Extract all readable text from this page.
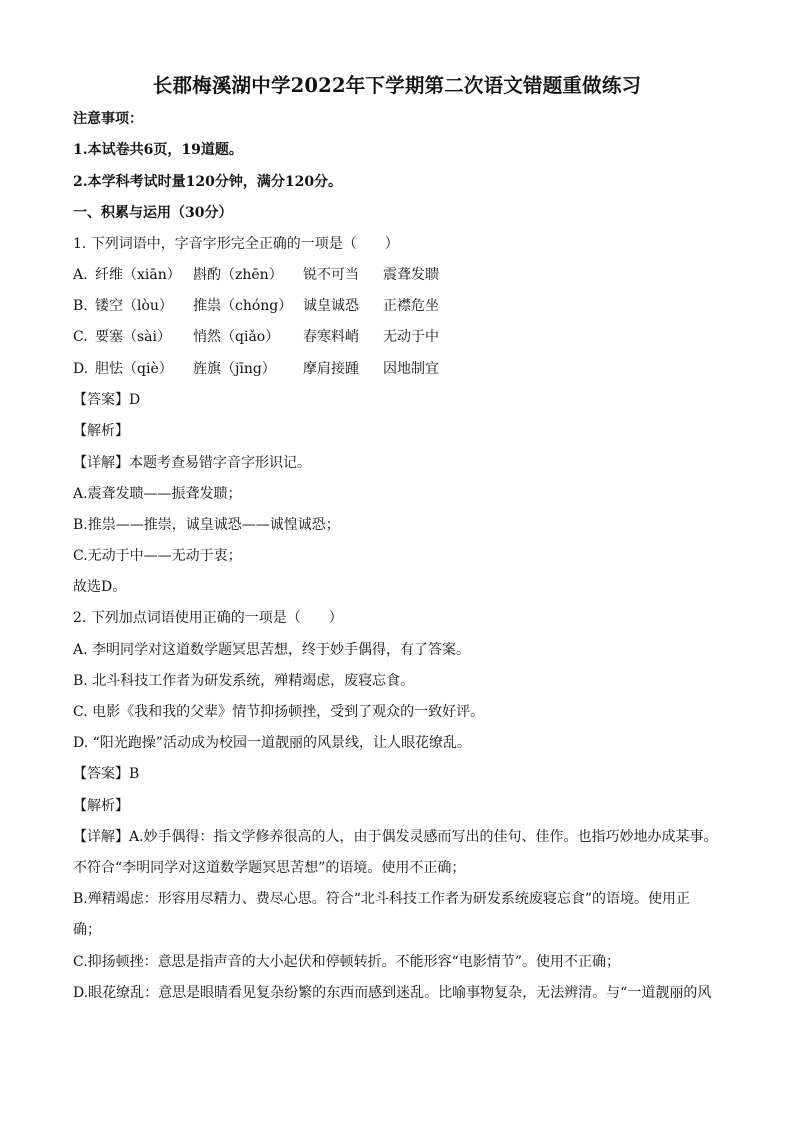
长郡梅溪湖中学2022年下学期第二次语文错题重做练习
注意事项：
1.本试卷共6页，19道题。
2.本学科考试时量120分钟，满分120分。
一、积累与运用（30分）
1. 下列词语中，字音字形完全正确的一项是（　　）
A. 纤维（xiān） 斟酌（zhēn） 锐不可当 震聋发聩
B. 镂空（lòu） 推祟（chóng） 诚皇诚恐 正襟危坐
C. 要塞（sài） 悄然（qiǎo） 春寒料峭 无动于中
D. 胆怯（qiè） 旌旗（jīng） 摩肩接踵 因地制宜
【答案】D
【解析】
【详解】本题考查易错字音字形识记。
A.震聋发聩——振聋发聩；
B.推祟——推崇，诚皇诚恐——诚惶诚恐；
C.无动于中——无动于衷；
故选D。
2. 下列加点词语使用正确的一项是（　　）
A. 李明同学对这道数学题冥思苦想，终于妙手偶得，有了答案。
B. 北斗科技工作者为研发系统，殚精竭虑，废寝忘食。
C. 电影《我和我的父辈》情节抑扬顿挫，受到了观众的一致好评。
D. “阳光跑操”活动成为校园一道靓丽的风景线，让人眼花缭乱。
【答案】B
【解析】
【详解】A.妙手偶得：指文学修养很高的人，由于偶发灵感而写出的佳句、佳作。也指巧妙地办成某事。
不符合“李明同学对这道数学题冥思苦想”的语境。使用不正确；
B.殚精竭虑：形容用尽精力、费尽心思。符合“北斗科技工作者为研发系统废寝忘食”的语境。使用正
确；
C.抑扬顿挫：意思是指声音的大小起伏和停顿转折。不能形容“电影情节”。使用不正确；
D.眼花缭乱：意思是眼睛看见复杂纷繁的东西而感到迷乱。比喻事物复杂，无法辨清。与“一道靓丽的风
